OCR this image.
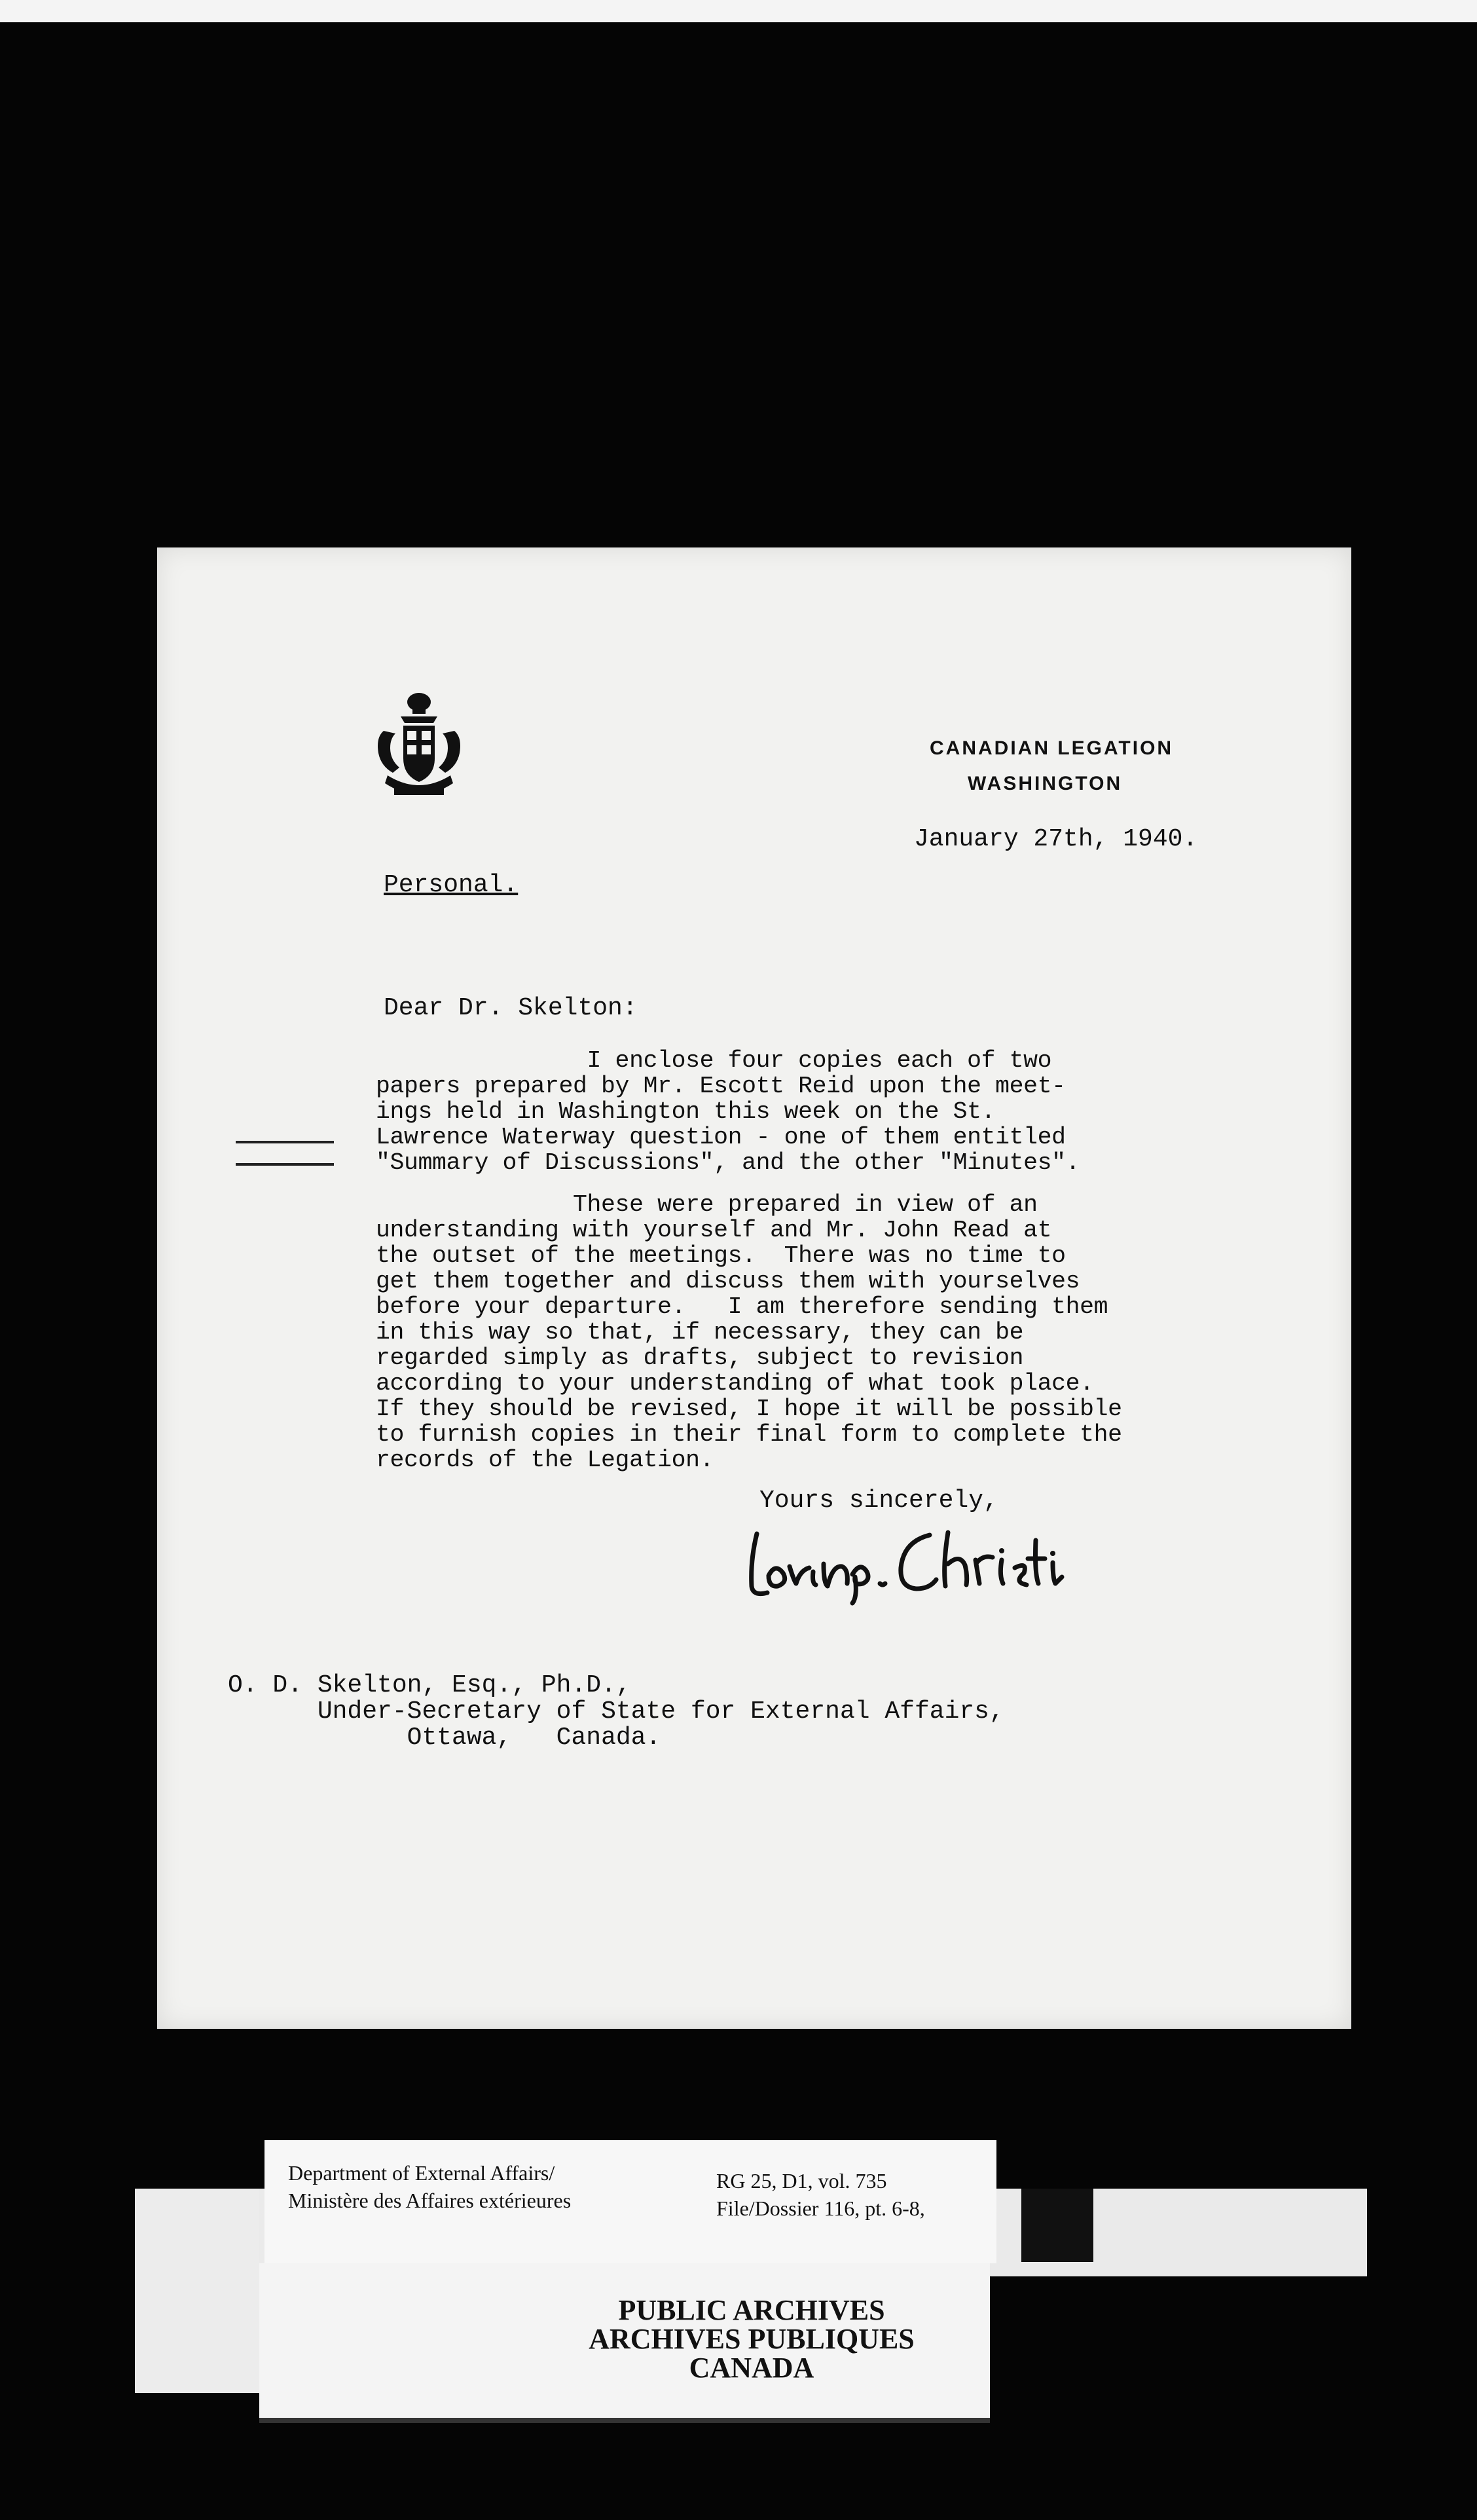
CANADIAN LEGATION
WASHINGTON
January 27th, 1940.
Personal.
Dear Dr. Skelton:
I enclose four copies each of two
papers prepared by Mr. Escott Reid upon the meet-
ings held in Washington this week on the St.
Lawrence Waterway question - one of them entitled
"Summary of Discussions", and the other "Minutes".
These were prepared in view of an
understanding with yourself and Mr. John Read at
the outset of the meetings.  There was no time to
get them together and discuss them with yourselves
before your departure.   I am therefore sending them
in this way so that, if necessary, they can be
regarded simply as drafts, subject to revision
according to your understanding of what took place.
If they should be revised, I hope it will be possible
to furnish copies in their final form to complete the
records of the Legation.
Yours sincerely,
O. D. Skelton, Esq., Ph.D.,
Under-Secretary of State for External Affairs,
Ottawa,   Canada.
Department of External Affairs/
Ministère des Affaires extérieures
RG 25, D1, vol. 735
File/Dossier 116, pt. 6-8,
PUBLIC ARCHIVES
ARCHIVES PUBLIQUES
CANADA
